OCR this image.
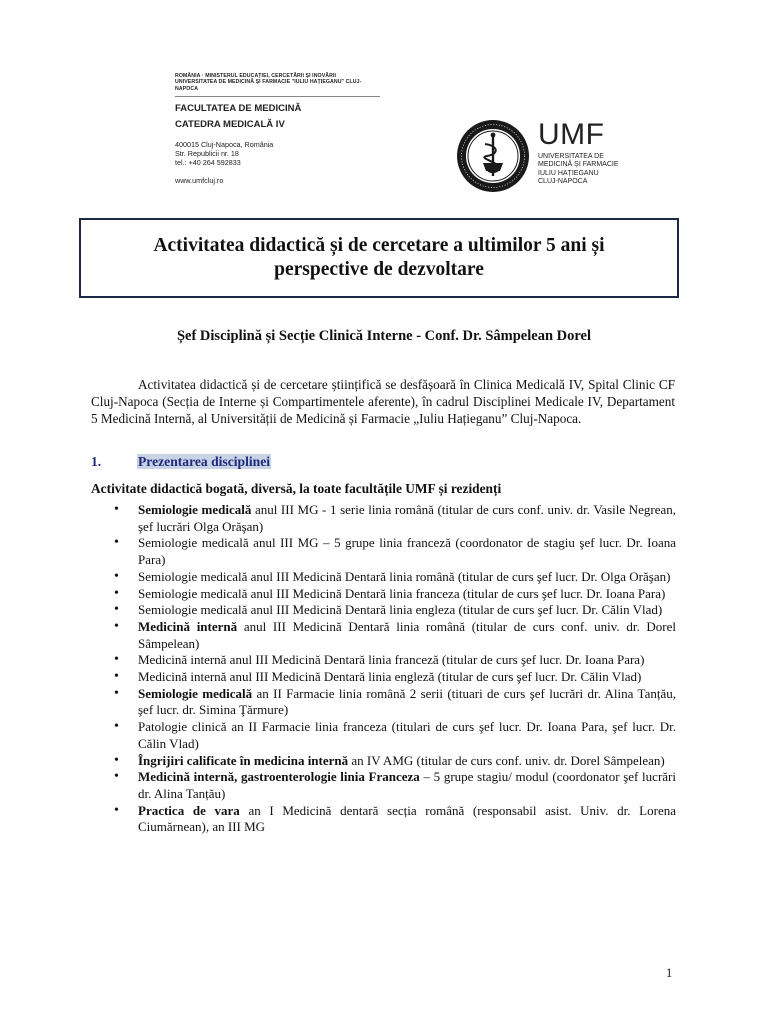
ROMÂNIA · MINISTERUL EDUCAȚIEI, CERCETĂRII ȘI INOVĂRII
UNIVERSITATEA DE MEDICINĂ ȘI FARMACIE "IULIU HAȚIEGANU" CLUJ-NAPOCA
FACULTATEA DE MEDICINĂ
CATEDRA MEDICALĂ IV
400015 Cluj-Napoca, România
Str. Republicii nr. 18
tel.: +40 264 592833
www.umfcluj.ro
UMF
UNIVERSITATEA DE
MEDICINĂ ȘI FARMACIE
IULIU HAȚIEGANU
CLUJ-NAPOCA
Activitatea didactică și de cercetare a ultimilor 5 ani și perspective de dezvoltare
Șef Disciplină și Secție Clinică Interne - Conf. Dr. Sâmpelean Dorel
Activitatea didactică și de cercetare științifică se desfășoară în Clinica Medicală IV, Spital Clinic CF Cluj-Napoca (Secția de Interne și Compartimentele aferente), în cadrul Disciplinei Medicale IV, Departament 5 Medicină Internă, al Universității de Medicină și Farmacie „Iuliu Hațieganu” Cluj-Napoca.
1.	Prezentarea disciplinei
Activitate didactică bogată, diversă, la toate facultățile UMF și rezidenți
• Semiologie medicală anul III MG - 1 serie linia română (titular de curs conf. univ. dr. Vasile Negrean, şef lucrări Olga Orăşan)
• Semiologie medicală anul III MG – 5 grupe linia franceză (coordonator de stagiu şef lucr. Dr. Ioana Para)
• Semiologie medicală anul III Medicină Dentară linia română (titular de curs şef lucr. Dr. Olga Orăşan)
• Semiologie medicală anul III Medicină Dentară linia franceza (titular de curs şef lucr. Dr. Ioana Para)
• Semiologie medicală anul III Medicină Dentară linia engleza (titular de curs şef lucr. Dr. Călin Vlad)
• Medicină internă anul III Medicină Dentară linia română (titular de curs conf. univ. dr. Dorel Sâmpelean)
• Medicină internă anul III Medicină Dentară linia franceză (titular de curs şef lucr. Dr. Ioana Para)
• Medicină internă anul III Medicină Dentară linia engleză (titular de curs şef lucr. Dr. Călin Vlad)
• Semiologie medicală an II Farmacie linia română 2 serii (tituari de curs şef lucrări dr. Alina Tanțău, şef lucr. dr. Simina Ţărmure)
• Patologie clinică an II Farmacie linia franceza (titulari de curs şef lucr. Dr. Ioana Para, şef lucr. Dr. Călin Vlad)
• Îngrijiri calificate în medicina internă an IV AMG (titular de curs conf. univ. dr. Dorel Sâmpelean)
• Medicină internă, gastroenterologie linia Franceza – 5 grupe stagiu/ modul (coordonator şef lucrări dr. Alina Tanțău)
• Practica de vara an I Medicină dentară secția română (responsabil asist. Univ. dr. Lorena Ciumărnean), an III MG
1
